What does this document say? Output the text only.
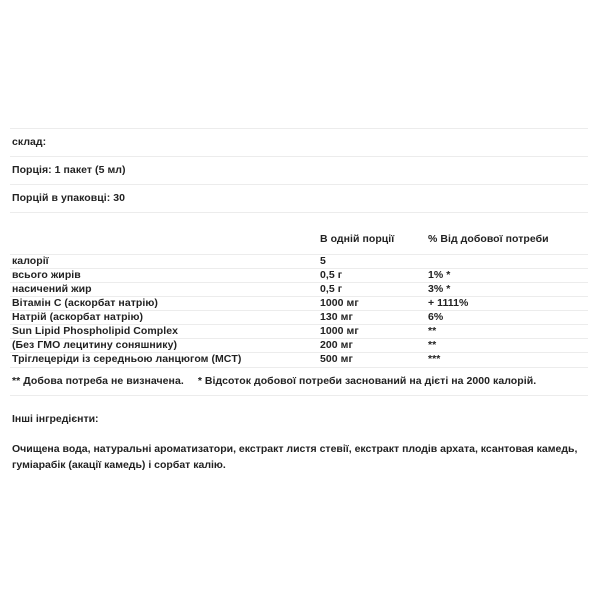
склад:		
Порція: 1 пакет (5 мл)		
Порцій в упаковці: 30		

	В одній порції	% Від добової потреби
калорії	5	
всього жирів	0,5 г	1% *
насичений жир	0,5 г	3% *
Вітамін C (аскорбат натрію)	1000 мг	+ 1111%
Натрій (аскорбат натрію)	130 мг	6%
Sun Lipid Phospholipid Complex	1000 мг	**
(Без ГМО лецитину соняшнику)	200 мг	**
Тріглецеріди із середньою ланцюгом (MCT)	500 мг	***
** Добова потреба не визначена. * Відсоток добової потреби заснований на дієті на 2000 калорій.		

Інші інгредієнти:

Очищена вода, натуральні ароматизатори, екстракт листя стевії, екстракт плодів архата, ксантовая камедь, гуміарабік (акації камедь) і сорбат калію.
